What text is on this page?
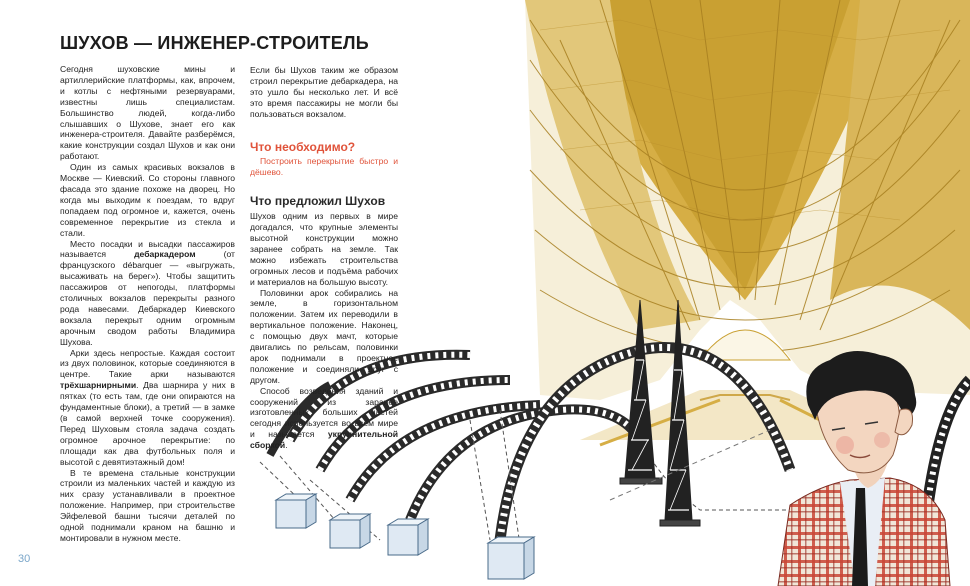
ШУХОВ — ИНЖЕНЕР-СТРОИТЕЛЬ

Сегодня шуховские мины и артиллерийские платформы, как, впрочем, и котлы с нефтяными резервуарами, известны лишь специалистам. Большинство людей, когда-либо слышавших о Шухове, знает его как инженера-строителя. Давайте разберёмся, какие конструкции создал Шухов и как они работают.

Один из самых красивых вокзалов в Москве — Киевский. Со стороны главного фасада это здание похоже на дворец. Но когда мы выходим к поездам, то вдруг попадаем под огромное и, кажется, очень современное перекрытие из стекла и стали.

Место посадки и высадки пассажиров называется дебаркадером (от французского débarquer — «выгружать, высаживать на берег»). Чтобы защитить пассажиров от непогоды, платформы столичных вокзалов перекрыты разного рода навесами. Дебаркадер Киевского вокзала перекрыт одним огромным арочным сводом работы Владимира Шухова.

Арки здесь непростые. Каждая состоит из двух половинок, которые соединяются в центре. Такие арки называются трёхшарнирными. Два шарнира у них в пятках (то есть там, где они опираются на фундаментные блоки), а третий — в замке (в самой верхней точке сооружения). Перед Шуховым стояла задача создать огромное арочное перекрытие: по площади как два футбольных поля и высотой с девятиэтажный дом!

В те времена стальные конструкции строили из маленьких частей и каждую из них сразу устанавливали в проектное положение. Например, при строительстве Эйфелевой башни тысячи деталей по одной поднимали краном на башню и монтировали в нужном месте.

Если бы Шухов таким же образом строил перекрытие дебаркадера, на это ушло бы несколько лет. И всё это время пассажиры не могли бы пользоваться вокзалом.

Что необходимо?

Построить перекрытие быстро и дёшево.

Что предложил Шухов

Шухов одним из первых в мире догадался, что крупные элементы высотной конструкции можно заранее собрать на земле. Так можно избежать строительства огромных лесов и подъёма рабочих и материалов на большую высоту.

Половинки арок собирались на земле, в горизонтальном положении. Затем их переводили в вертикальное положение. Наконец, с помощью двух мачт, которые двигались по рельсам, половинки арок поднимали в проектное положение и соединяли друг с другом.

Способ возведения зданий и сооружений из заранее изготовленных больших частей сегодня используется во всём мире и называется укрупнительной сборкой.

30
